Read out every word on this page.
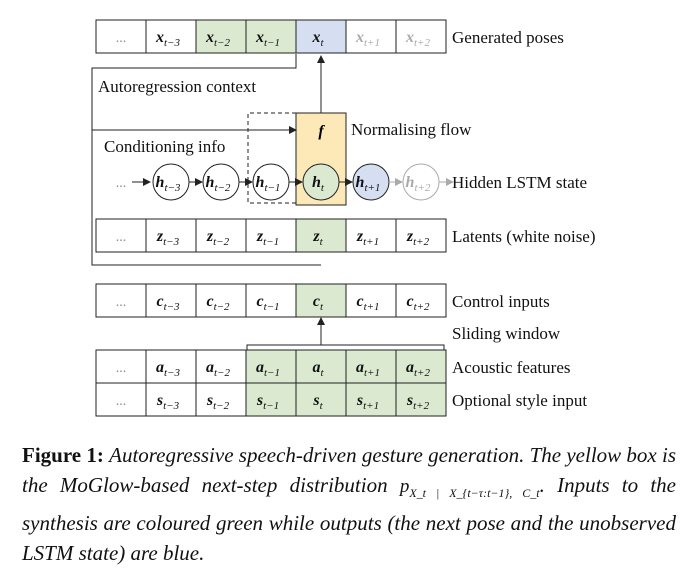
f Normalising flow
Conditioning info
Autoregression context
Sliding window
... $x_{t-3}$ $x_{t-2}$ $x_{t-1}$ $x_t$ $x_{t+1}$ $x_{t+2}$ Generated poses
... $z_{t-3}$ $z_{t-2}$ $z_{t-1}$ $z_t$ $z_{t+1}$ $z_{t+2}$ Latents (white noise)
... $c_{t-3}$ $c_{t-2}$ $c_{t-1}$ $c_t$ $c_{t+1}$ $c_{t+2}$ Control inputs
... $a_{t-3}$ $a_{t-2}$ $a_{t-1}$ $a_t$ $a_{t+1}$ $a_{t+2}$ Acoustic features
... $s_{t-3}$ $s_{t-2}$ $s_{t-1}$ $s_t$ $s_{t+1}$ $s_{t+2}$ Optional style input
... $h_{t-3}$ $h_{t-2}$ $h_{t-1}$ $h_t$ $h_{t+1}$ $h_{t+2}$ Hidden LSTM state
Figure 1: Autoregressive speech-driven gesture generation. The yellow box is the MoGlow-based next-step distribution $p_{X\_t | X\_\{t-\tau:t-1\}, C\_t}$. Inputs to the synthesis are coloured green while outputs (the next pose and the unobserved LSTM state) are blue.
